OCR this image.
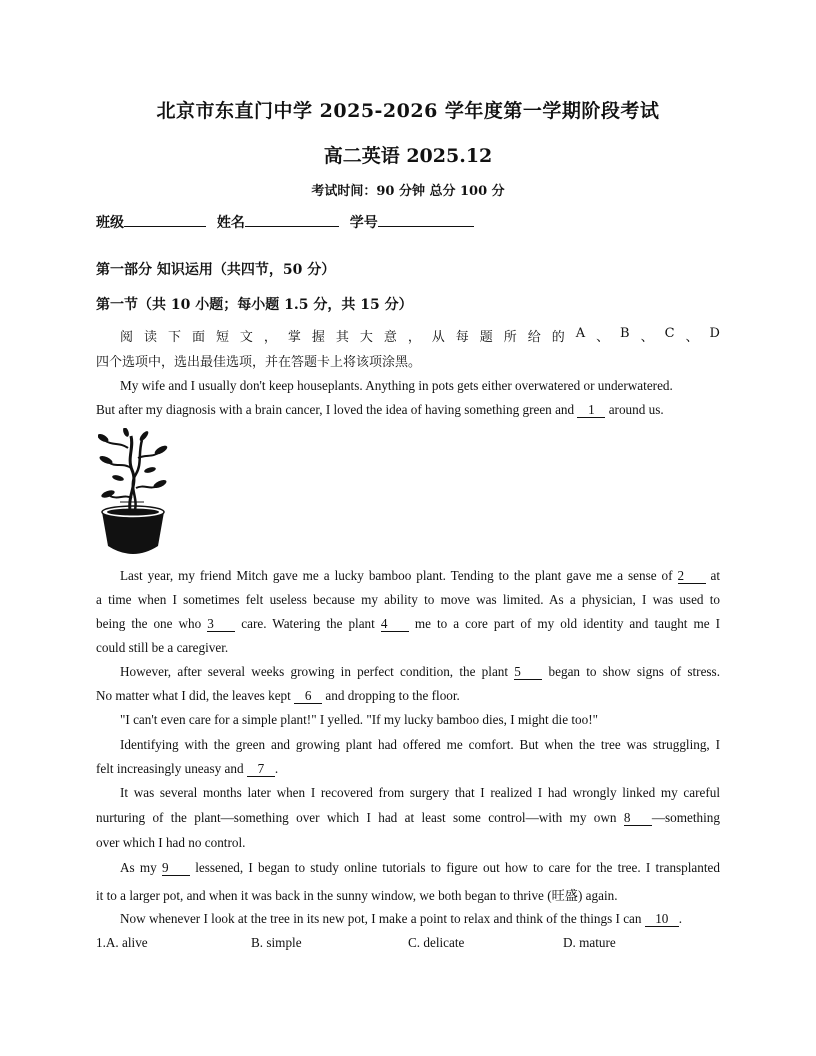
北京市东直门中学 2025-2026 学年度第一学期阶段考试
高二英语 2025.12
考试时间：90 分钟 总分 100 分
班级	姓名	学号
第一部分 知识运用（共四节，50 分）
第一节（共 10 小题；每小题 1.5 分，共 15 分）
阅 读 下 面 短 文 ， 掌 握 其 大 意 ， 从 每 题 所 给 的 A 、 B 、 C 、 D
四个选项中，选出最佳选项，并在答题卡上将该项涂黑。
My wife and I usually don't keep houseplants. Anything in pots gets either overwatered or underwatered.
But after my diagnosis with a brain cancer, I loved the idea of having something green and 1 around us.
Last year, my friend Mitch gave me a lucky bamboo plant. Tending to the plant gave me a sense of 2 at
a time when I sometimes felt useless because my ability to move was limited. As a physician, I was used to
being the one who 3 care. Watering the plant 4 me to a core part of my old identity and taught me I
could still be a caregiver.
However, after several weeks growing in perfect condition, the plant 5 began to show signs of stress.
No matter what I did, the leaves kept 6 and dropping to the floor.
"I can't even care for a simple plant!" I yelled. "If my lucky bamboo dies, I might die too!"
Identifying with the green and growing plant had offered me comfort. But when the tree was struggling, I
felt increasingly uneasy and 7 .
It was several months later when I recovered from surgery that I realized I had wrongly linked my careful
nurturing of the plant—something over which I had at least some control—with my own 8 —something
over which I had no control.
As my 9 lessened, I began to study online tutorials to figure out how to care for the tree. I transplanted
it to a larger pot, and when it was back in the sunny window, we both began to thrive (旺盛) again.
Now whenever I look at the tree in its new pot, I make a point to relax and think of the things I can 10 .
1.A. alive	B. simple	C. delicate	D. mature
